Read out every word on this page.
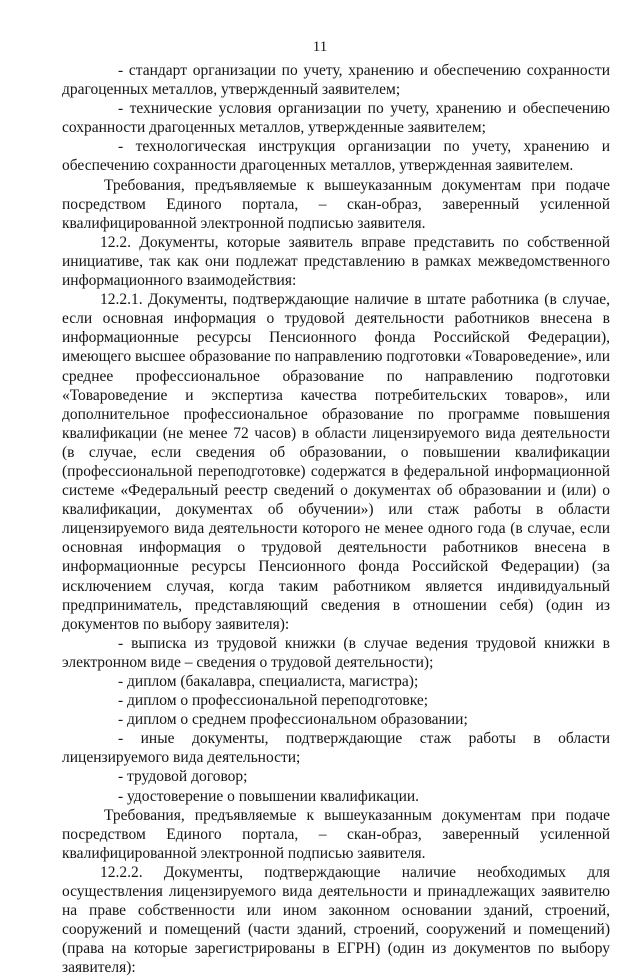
11

- стандарт организации по учету, хранению и обеспечению сохранности драгоценных металлов, утвержденный заявителем;

- технические условия организации по учету, хранению и обеспечению сохранности драгоценных металлов, утвержденные заявителем;

- технологическая инструкция организации по учету, хранению и обеспечению сохранности драгоценных металлов, утвержденная заявителем.

Требования, предъявляемые к вышеуказанным документам при подаче посредством Единого портала, – скан-образ, заверенный усиленной квалифицированной электронной подписью заявителя.

12.2. Документы, которые заявитель вправе представить по собственной инициативе, так как они подлежат представлению в рамках межведомственного информационного взаимодействия:

12.2.1. Документы, подтверждающие наличие в штате работника (в случае, если основная информация о трудовой деятельности работников внесена в информационные ресурсы Пенсионного фонда Российской Федерации), имеющего высшее образование по направлению подготовки «Товароведение», или среднее профессиональное образование по направлению подготовки «Товароведение и экспертиза качества потребительских товаров», или дополнительное профессиональное образование по программе повышения квалификации (не менее 72 часов) в области лицензируемого вида деятельности (в случае, если сведения об образовании, о повышении квалификации (профессиональной переподготовке) содержатся в федеральной информационной системе «Федеральный реестр сведений о документах об образовании и (или) о квалификации, документах об обучении») или стаж работы в области лицензируемого вида деятельности которого не менее одного года (в случае, если основная информация о трудовой деятельности работников внесена в информационные ресурсы Пенсионного фонда Российской Федерации) (за исключением случая, когда таким работником является индивидуальный предприниматель, представляющий сведения в отношении себя) (один из документов по выбору заявителя):

- выписка из трудовой книжки (в случае ведения трудовой книжки в электронном виде – сведения о трудовой деятельности);

- диплом (бакалавра, специалиста, магистра);

- диплом о профессиональной переподготовке;

- диплом о среднем профессиональном образовании;

- иные документы, подтверждающие стаж работы в области лицензируемого вида деятельности;

- трудовой договор;

- удостоверение о повышении квалификации.

Требования, предъявляемые к вышеуказанным документам при подаче посредством Единого портала, – скан-образ, заверенный усиленной квалифицированной электронной подписью заявителя.

12.2.2. Документы, подтверждающие наличие необходимых для осуществления лицензируемого вида деятельности и принадлежащих заявителю на праве собственности или ином законном основании зданий, строений, сооружений и помещений (части зданий, строений, сооружений и помещений) (права на которые зарегистрированы в ЕГРН) (один из документов по выбору заявителя):
